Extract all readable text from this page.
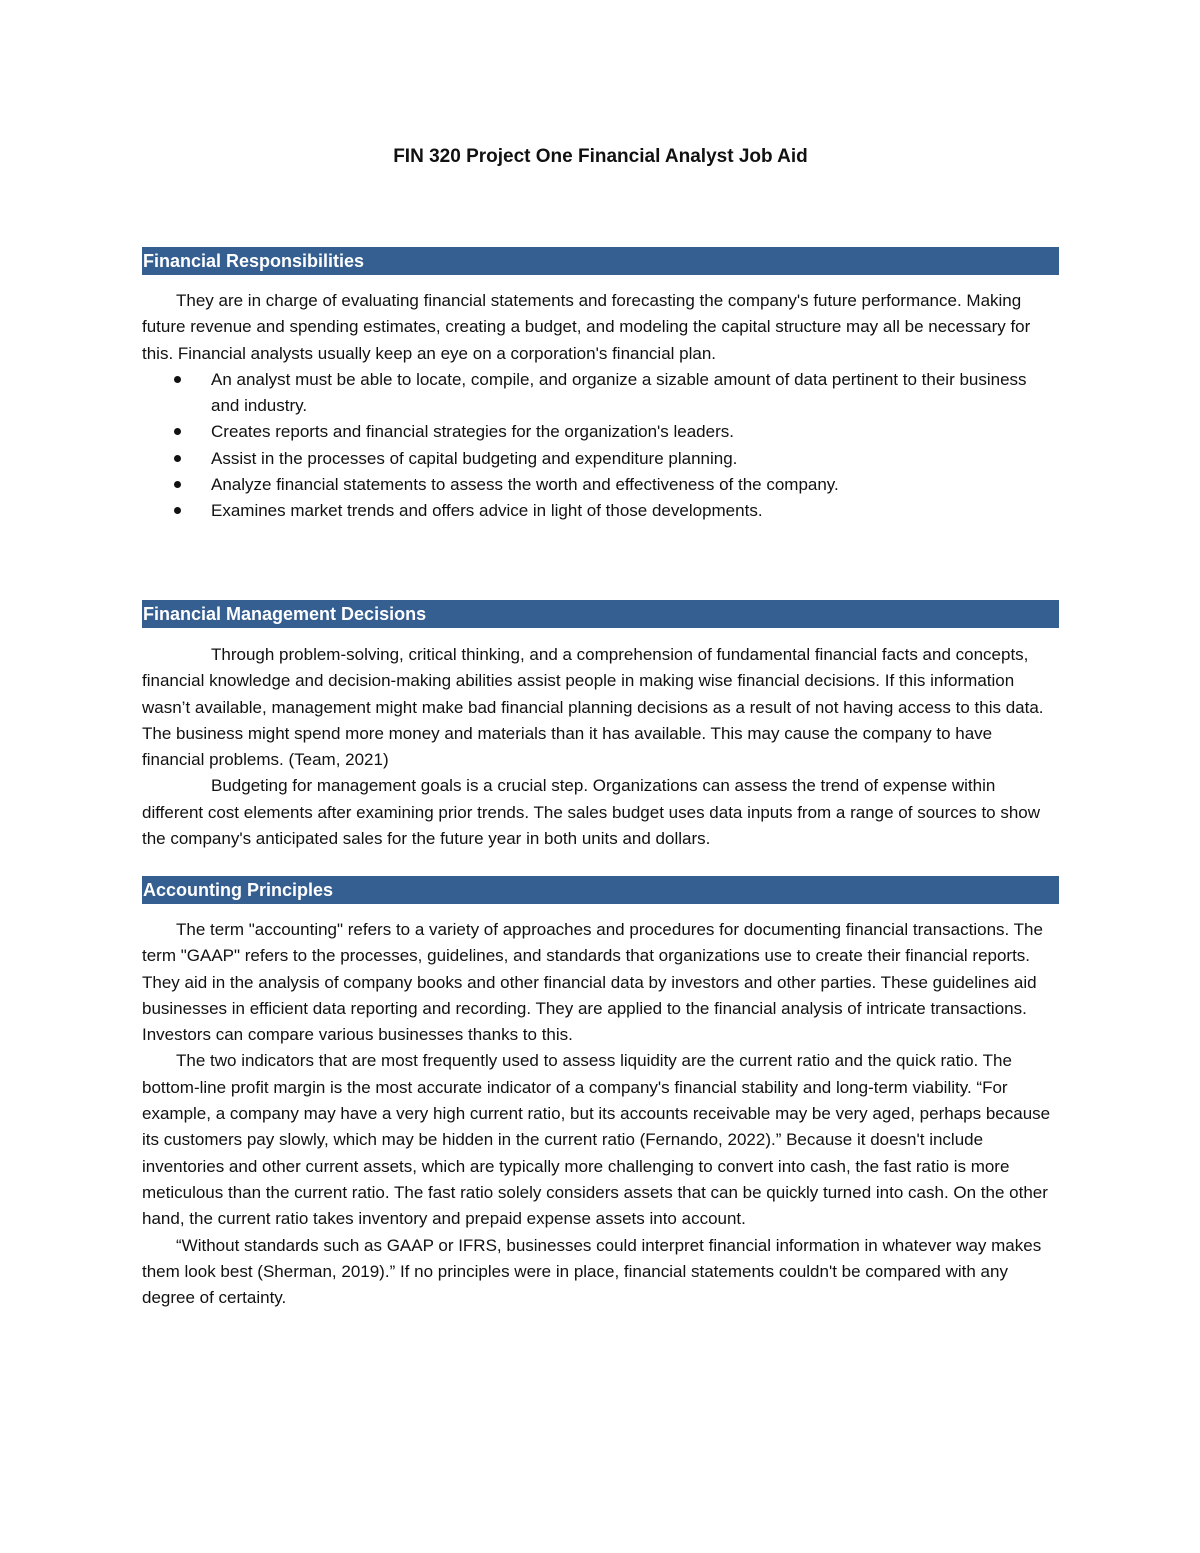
FIN 320 Project One Financial Analyst Job Aid
Financial Responsibilities

They are in charge of evaluating financial statements and forecasting the company's future performance. Making future revenue and spending estimates, creating a budget, and modeling the capital structure may all be necessary for this. Financial analysts usually keep an eye on a corporation's financial plan.

An analyst must be able to locate, compile, and organize a sizable amount of data pertinent to their business and industry.
Creates reports and financial strategies for the organization's leaders.
Assist in the processes of capital budgeting and expenditure planning.
Analyze financial statements to assess the worth and effectiveness of the company.
Examines market trends and offers advice in light of those developments.
Financial Management Decisions

Through problem-solving, critical thinking, and a comprehension of fundamental financial facts and concepts, financial knowledge and decision-making abilities assist people in making wise financial decisions. If this information wasn’t available, management might make bad financial planning decisions as a result of not having access to this data. The business might spend more money and materials than it has available. This may cause the company to have financial problems. (Team, 2021)

Budgeting for management goals is a crucial step. Organizations can assess the trend of expense within different cost elements after examining prior trends. The sales budget uses data inputs from a range of sources to show the company's anticipated sales for the future year in both units and dollars.

Accounting Principles

The term "accounting" refers to a variety of approaches and procedures for documenting financial transactions. The term "GAAP" refers to the processes, guidelines, and standards that organizations use to create their financial reports. They aid in the analysis of company books and other financial data by investors and other parties. These guidelines aid businesses in efficient data reporting and recording. They are applied to the financial analysis of intricate transactions. Investors can compare various businesses thanks to this.

The two indicators that are most frequently used to assess liquidity are the current ratio and the quick ratio. The bottom-line profit margin is the most accurate indicator of a company's financial stability and long-term viability. “For example, a company may have a very high current ratio, but its accounts receivable may be very aged, perhaps because its customers pay slowly, which may be hidden in the current ratio (Fernando, 2022).” Because it doesn't include inventories and other current assets, which are typically more challenging to convert into cash, the fast ratio is more meticulous than the current ratio. The fast ratio solely considers assets that can be quickly turned into cash. On the other hand, the current ratio takes inventory and prepaid expense assets into account.

“Without standards such as GAAP or IFRS, businesses could interpret financial information in whatever way makes them look best (Sherman, 2019).” If no principles were in place, financial statements couldn't be compared with any degree of certainty.
